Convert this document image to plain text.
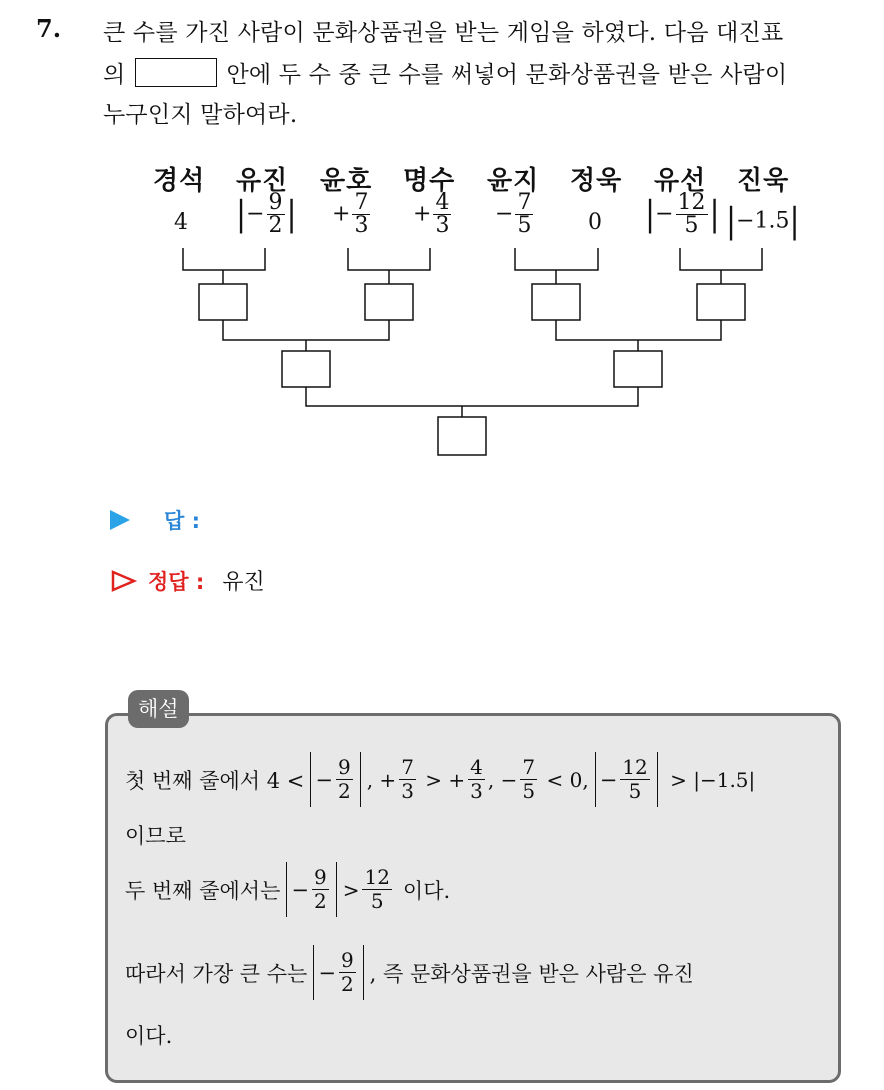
7. 큰 수를 가진 사람이 문화상품권을 받는 게임을 하였다. 다음 대진표
의	안에 두 수 중 큰 수를 써넣어 문화상품권을 받은 사람이
누구인지 말하여라.
경석 유진 윤호 명수 윤지 정욱 유선 진욱
4 |− $\frac{9}{2}$ | + $\frac{7}{3} + \frac{4}{3} - \frac{7}{5} 0$ |− $\frac{12}{5}$ | |−1.5|
답 :
정답 : 유진
해설
첫 번째 줄에서 4 < −
9
2 , + $\frac{7}{3}$ > + $\frac{4}{3}$ , − $\frac{7}{5} < 0$, −
12
5 > |−1.5|
이므로
두 번째 줄에서는 −
9
2 >
12
5 이다.
따라서 가장 큰 수는 −
9
2 , 즉 문화상품권을 받은 사람은 유진
이다.
